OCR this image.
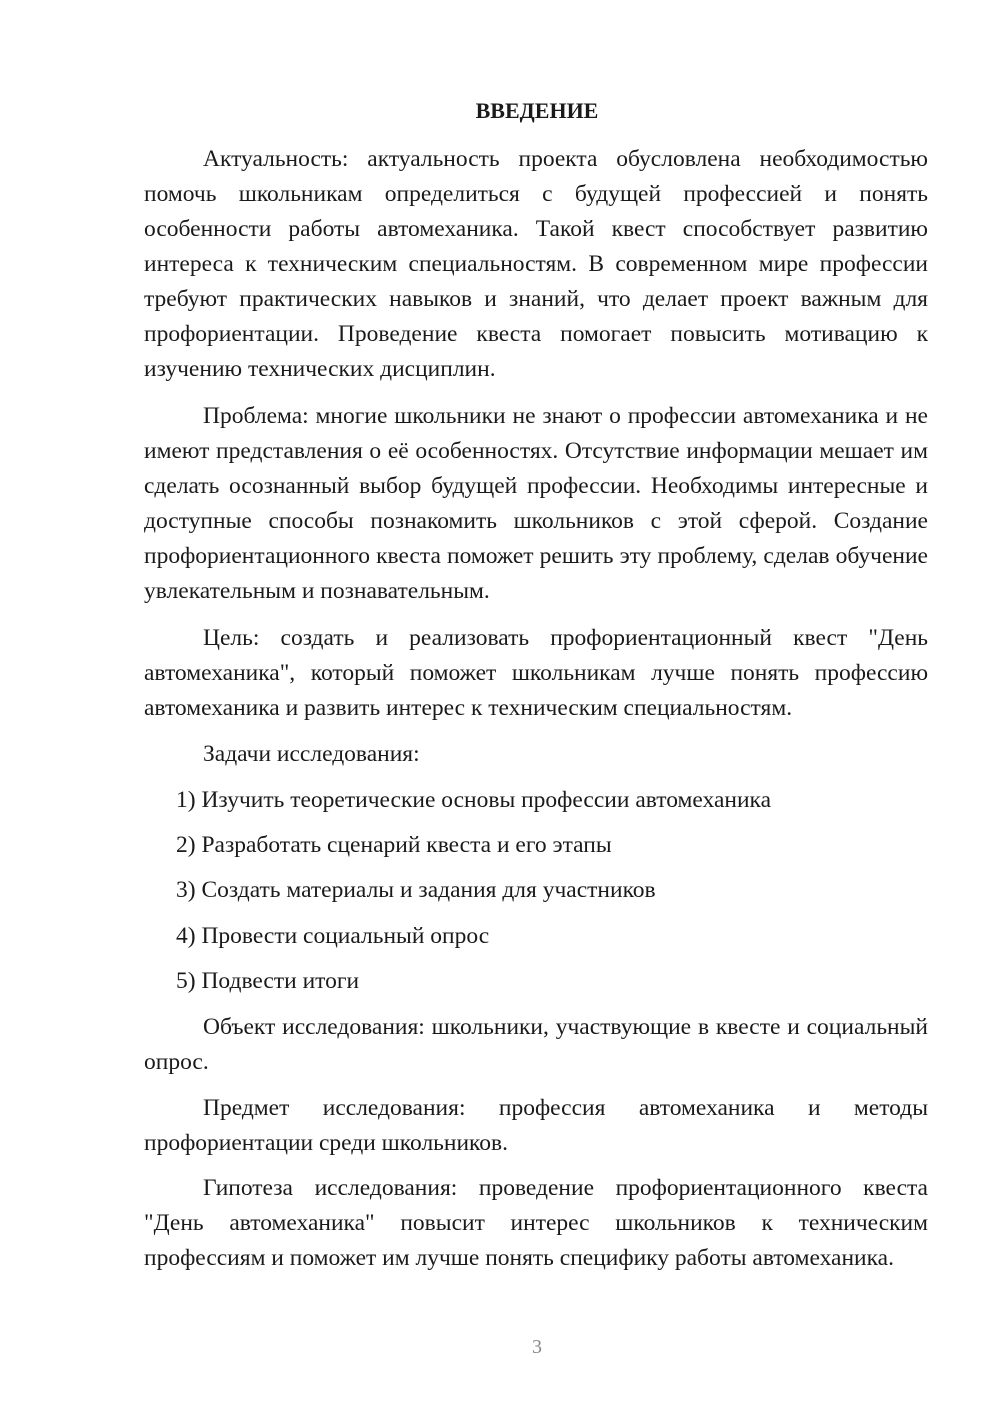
ВВЕДЕНИЕ

Актуальность: актуальность проекта обусловлена необходимостью помочь школьникам определиться с будущей профессией и понять особенности работы автомеханика. Такой квест способствует развитию интереса к техническим специальностям. В современном мире профессии требуют практических навыков и знаний, что делает проект важным для профориентации. Проведение квеста помогает повысить мотивацию к изучению технических дисциплин.

Проблема: многие школьники не знают о профессии автомеханика и не имеют представления о её особенностях. Отсутствие информации мешает им сделать осознанный выбор будущей профессии. Необходимы интересные и доступные способы познакомить школьников с этой сферой. Создание профориентационного квеста поможет решить эту проблему, сделав обучение увлекательным и познавательным.

Цель: создать и реализовать профориентационный квест "День автомеханика", который поможет школьникам лучше понять профессию автомеханика и развить интерес к техническим специальностям.

Задачи исследования:

1) Изучить теоретические основы профессии автомеханика

2) Разработать сценарий квеста и его этапы

3) Создать материалы и задания для участников

4) Провести социальный опрос

5) Подвести итоги

Объект исследования: школьники, участвующие в квесте и социальный опрос.

Предмет исследования: профессия автомеханика и методы профориентации среди школьников.

Гипотеза исследования: проведение профориентационного квеста "День автомеханика" повысит интерес школьников к техническим профессиям и поможет им лучше понять специфику работы автомеханика.

3
